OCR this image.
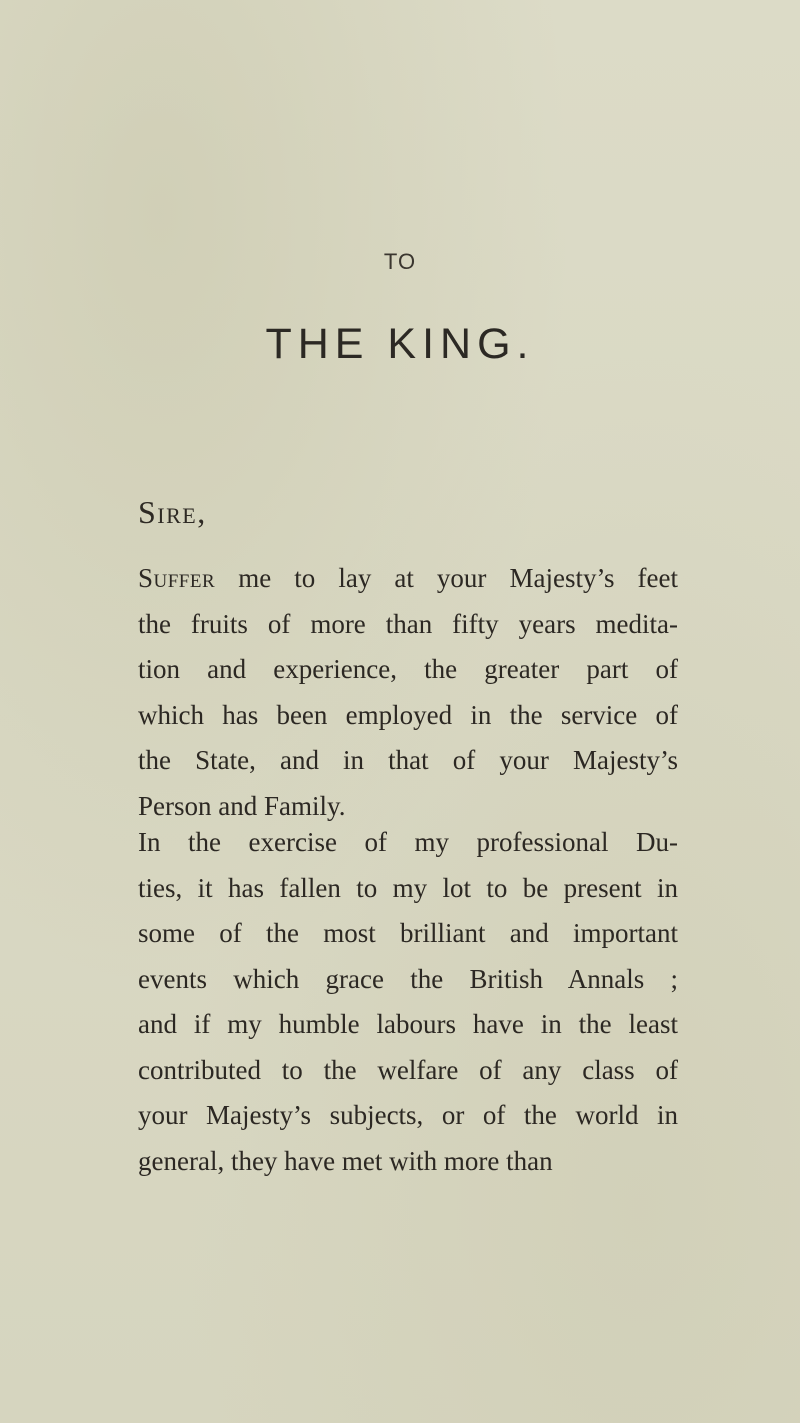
TO
THE KING.
Sire,
Suffer me to lay at your Majesty’s feet
the fruits of more than fifty years medita-
tion and experience, the greater part of
which has been employed in the service of
the State, and in that of your Majesty’s
Person and Family.
In the exercise of my professional Du-
ties, it has fallen to my lot to be present in
some of the most brilliant and important
events which grace the British Annals ;
and if my humble labours have in the least
contributed to the welfare of any class of
your Majesty’s subjects, or of the world in
general, they have met with more than
